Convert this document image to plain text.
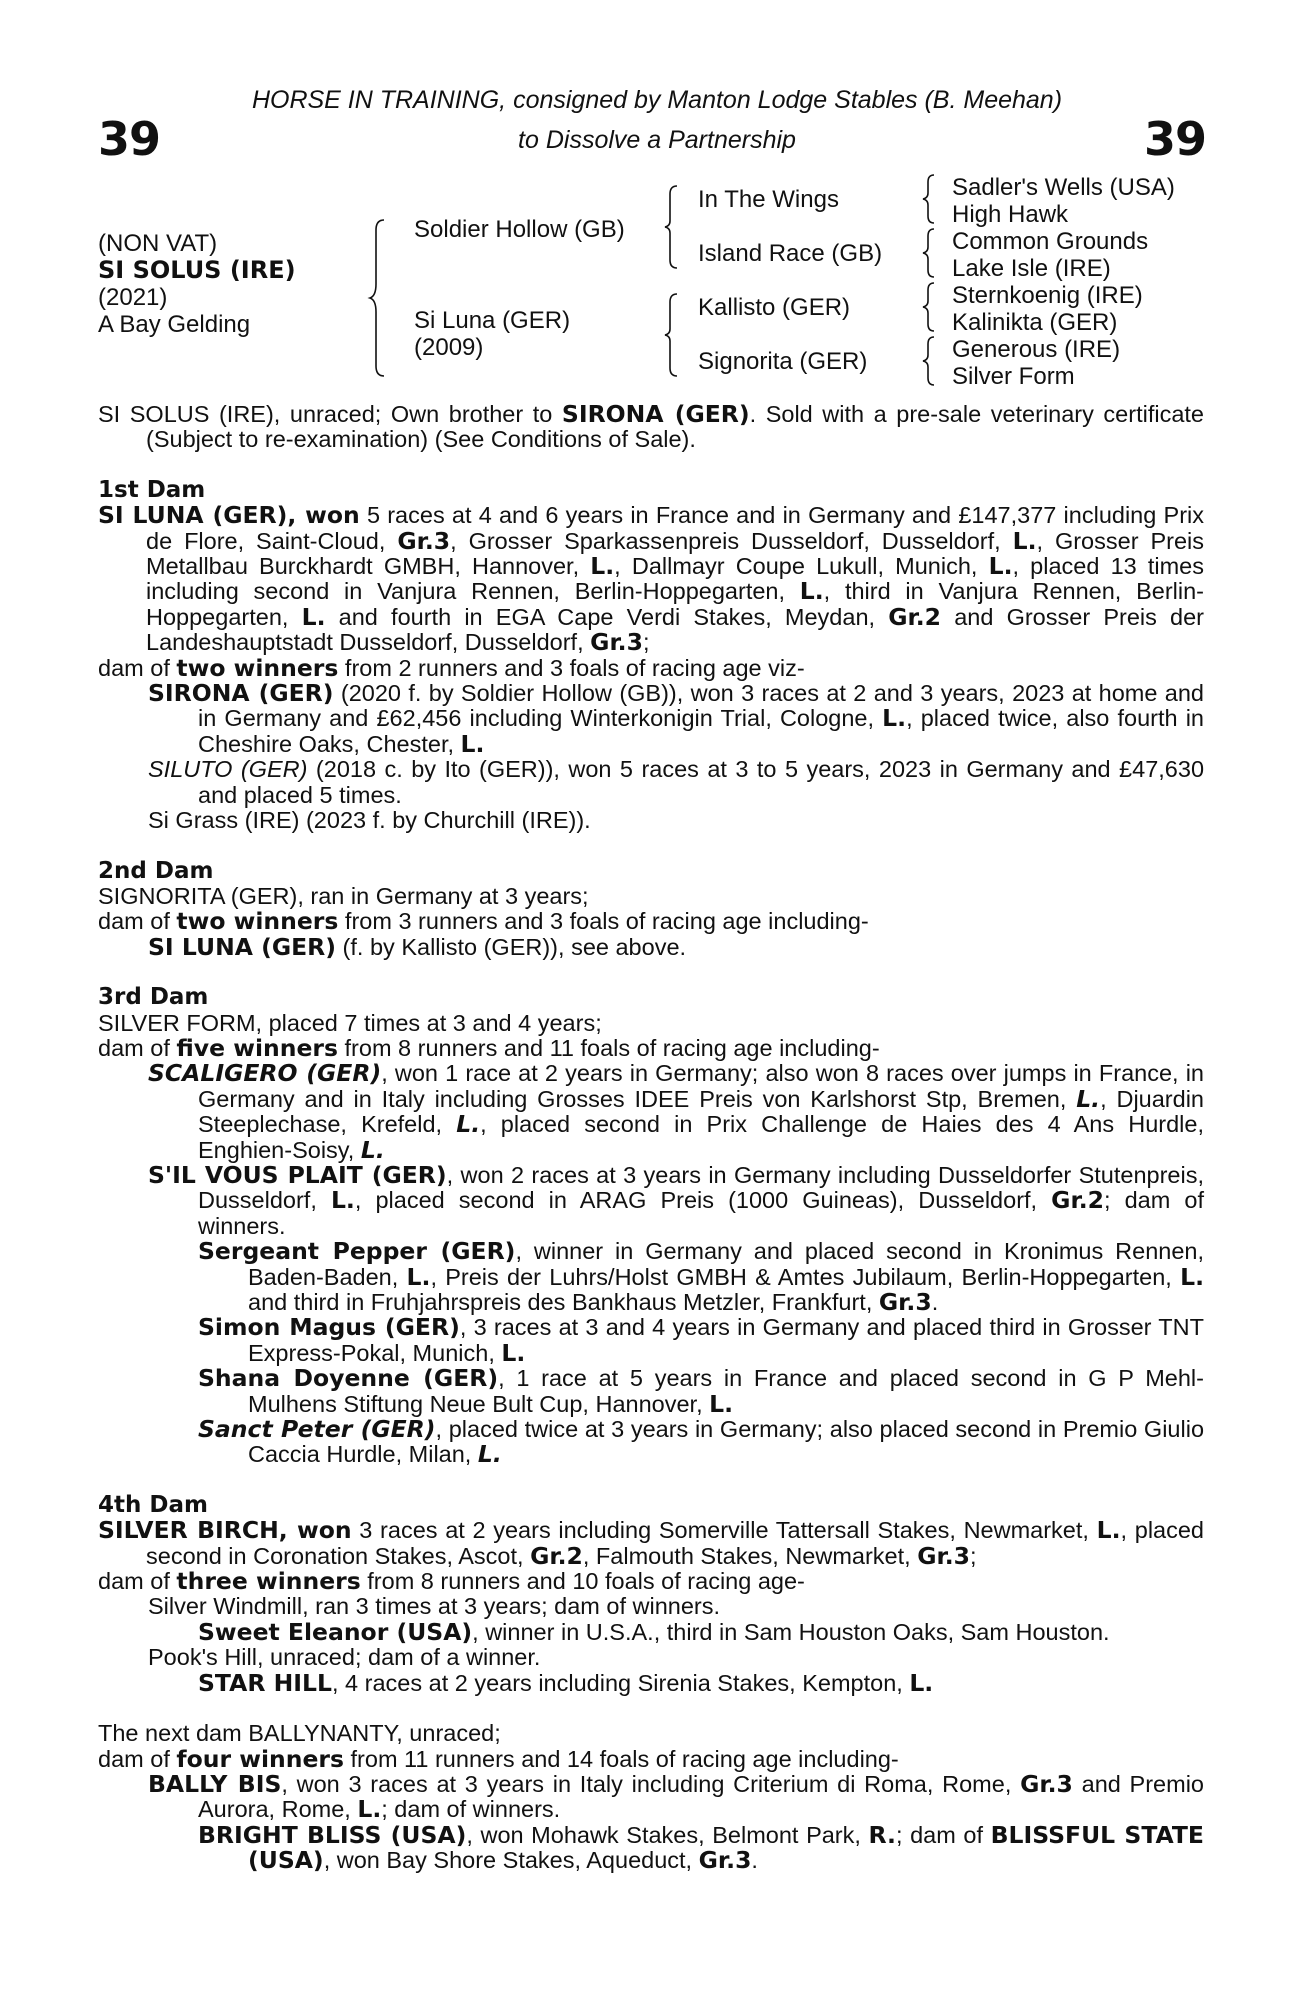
39	39
HORSE IN TRAINING, consigned by Manton Lodge Stables (B. Meehan)
to Dissolve a Partnership
(NON VAT)
SI SOLUS (IRE)
(2021)
A Bay Gelding
Soldier Hollow (GB)
Si Luna (GER)
(2009)
In The Wings
Island Race (GB)
Kallisto (GER)
Signorita (GER)
Sadler's Wells (USA)
High Hawk
Common Grounds
Lake Isle (IRE)
Sternkoenig (IRE)
Kalinikta (GER)
Generous (IRE)
Silver Form
SI SOLUS (IRE), unraced; Own brother to SIRONA (GER). Sold with a pre-sale veterinary certificate (Subject to re-examination) (See Conditions of Sale).
1st Dam
SI LUNA (GER), won 5 races at 4 and 6 years in France and in Germany and £147,377 including Prix de Flore, Saint-Cloud, Gr.3, Grosser Sparkassenpreis Dusseldorf, Dusseldorf, L., Grosser Preis Metallbau Burckhardt GMBH, Hannover, L., Dallmayr Coupe Lukull, Munich, L., placed 13 times including second in Vanjura Rennen, Berlin-Hoppegarten, L., third in Vanjura Rennen, Berlin-Hoppegarten, L. and fourth in EGA Cape Verdi Stakes, Meydan, Gr.2 and Grosser Preis der Landeshauptstadt Dusseldorf, Dusseldorf, Gr.3;
dam of two winners from 2 runners and 3 foals of racing age viz-
SIRONA (GER) (2020 f. by Soldier Hollow (GB)), won 3 races at 2 and 3 years, 2023 at home and in Germany and £62,456 including Winterkonigin Trial, Cologne, L., placed twice, also fourth in Cheshire Oaks, Chester, L.
SILUTO (GER) (2018 c. by Ito (GER)), won 5 races at 3 to 5 years, 2023 in Germany and £47,630 and placed 5 times.
Si Grass (IRE) (2023 f. by Churchill (IRE)).
2nd Dam
SIGNORITA (GER), ran in Germany at 3 years;
dam of two winners from 3 runners and 3 foals of racing age including-
SI LUNA (GER) (f. by Kallisto (GER)), see above.
3rd Dam
SILVER FORM, placed 7 times at 3 and 4 years;
dam of five winners from 8 runners and 11 foals of racing age including-
SCALIGERO (GER), won 1 race at 2 years in Germany; also won 8 races over jumps in France, in Germany and in Italy including Grosses IDEE Preis von Karlshorst Stp, Bremen, L., Djuardin Steeplechase, Krefeld, L., placed second in Prix Challenge de Haies des 4 Ans Hurdle, Enghien-Soisy, L.
S'IL VOUS PLAIT (GER), won 2 races at 3 years in Germany including Dusseldorfer Stutenpreis, Dusseldorf, L., placed second in ARAG Preis (1000 Guineas), Dusseldorf, Gr.2; dam of winners.
Sergeant Pepper (GER), winner in Germany and placed second in Kronimus Rennen, Baden-Baden, L., Preis der Luhrs/Holst GMBH & Amtes Jubilaum, Berlin-Hoppegarten, L. and third in Fruhjahrspreis des Bankhaus Metzler, Frankfurt, Gr.3.
Simon Magus (GER), 3 races at 3 and 4 years in Germany and placed third in Grosser TNT Express-Pokal, Munich, L.
Shana Doyenne (GER), 1 race at 5 years in France and placed second in G P Mehl-Mulhens Stiftung Neue Bult Cup, Hannover, L.
Sanct Peter (GER), placed twice at 3 years in Germany; also placed second in Premio Giulio Caccia Hurdle, Milan, L.
4th Dam
SILVER BIRCH, won 3 races at 2 years including Somerville Tattersall Stakes, Newmarket, L., placed second in Coronation Stakes, Ascot, Gr.2, Falmouth Stakes, Newmarket, Gr.3;
dam of three winners from 8 runners and 10 foals of racing age-
Silver Windmill, ran 3 times at 3 years; dam of winners.
Sweet Eleanor (USA), winner in U.S.A., third in Sam Houston Oaks, Sam Houston.
Pook's Hill, unraced; dam of a winner.
STAR HILL, 4 races at 2 years including Sirenia Stakes, Kempton, L.
The next dam BALLYNANTY, unraced;
dam of four winners from 11 runners and 14 foals of racing age including-
BALLY BIS, won 3 races at 3 years in Italy including Criterium di Roma, Rome, Gr.3 and Premio Aurora, Rome, L.; dam of winners.
BRIGHT BLISS (USA), won Mohawk Stakes, Belmont Park, R.; dam of BLISSFUL STATE (USA), won Bay Shore Stakes, Aqueduct, Gr.3.
